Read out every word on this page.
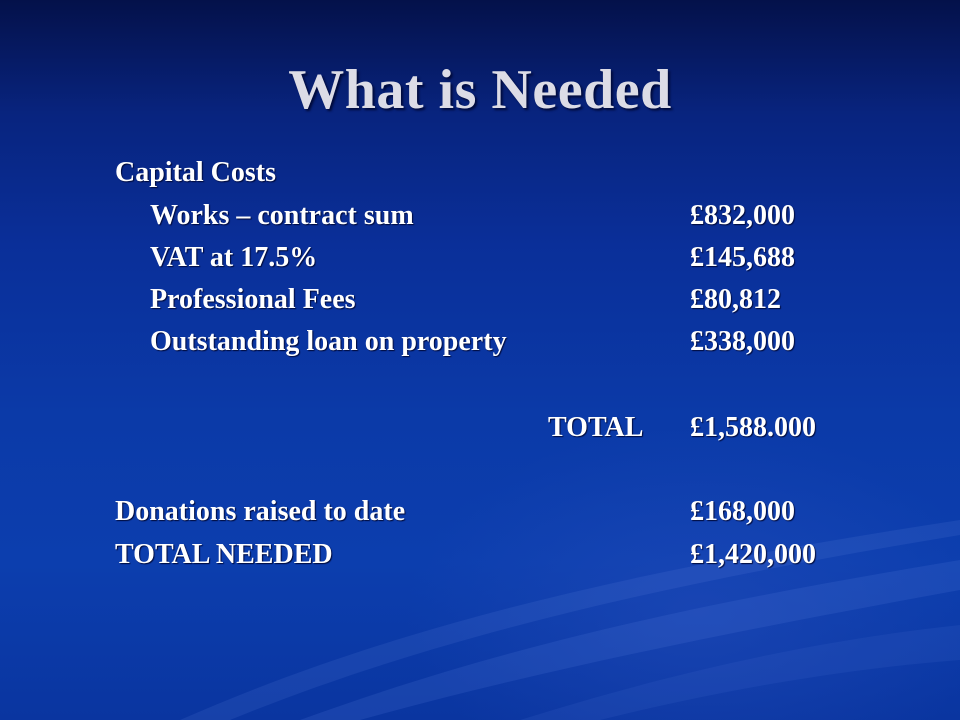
What is Needed
Capital Costs
Works – contract sum	£832,000
VAT at 17.5%	£145,688
Professional Fees	£80,812
Outstanding loan on property	£338,000
TOTAL £1,588.000
Donations raised to date	£168,000
TOTAL NEEDED	£1,420,000
